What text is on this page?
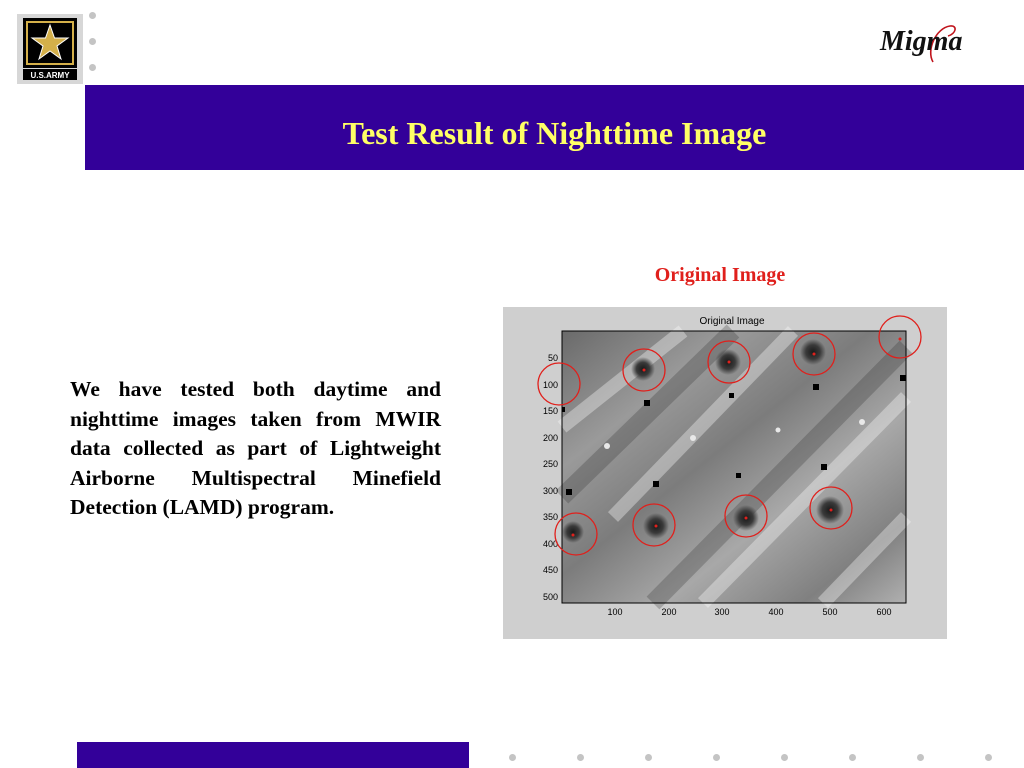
U.S.ARMY
Migma
Test Result of Nighttime Image

We have tested both daytime and nighttime images taken from MWIR data collected as part of Lightweight Airborne Multispectral Minefield Detection (LAMD) program.

Original Image
Original Image
50
100
150
200
250
300
350
400
450
500
100	200	300	400	500	600
